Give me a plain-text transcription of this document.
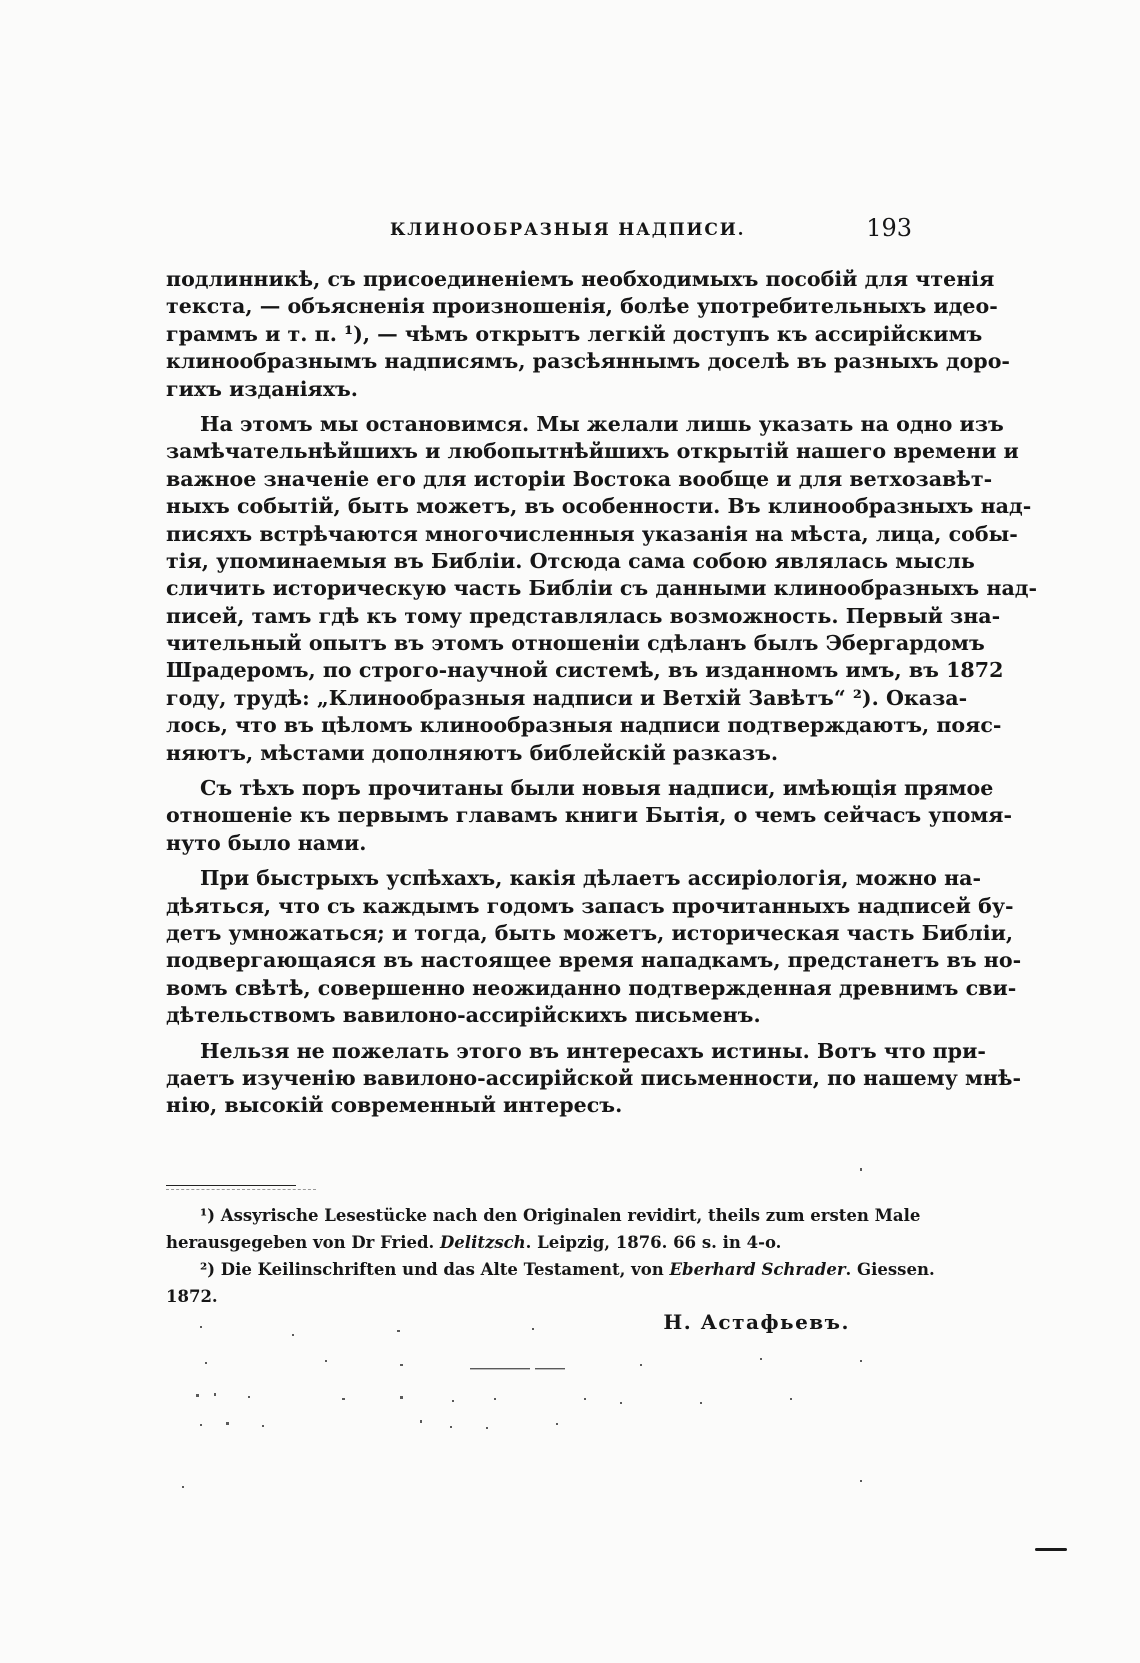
КЛИНООБРАЗНЫЯ НАДПИСИ.	193
подлинникѣ, съ присоединеніемъ необходимыхъ пособій для чтенія
текста, — объясненія произношенія, болѣе употребительныхъ идео-
граммъ и т. п. ¹), — чѣмъ открытъ легкій доступъ къ ассирійскимъ
клинообразнымъ надписямъ, разсѣяннымъ доселѣ въ разныхъ доро-
гихъ изданіяхъ.
На этомъ мы остановимся. Мы желали лишь указать на одно изъ
замѣчательнѣйшихъ и любопытнѣйшихъ открытій нашего времени и
важное значеніе его для исторіи Востока вообще и для ветхозавѣт-
ныхъ событій, быть можетъ, въ особенности. Въ клинообразныхъ над-
писяхъ встрѣчаются многочисленныя указанія на мѣста, лица, собы-
тія, упоминаемыя въ Библіи. Отсюда сама собою являлась мысль
сличить историческую часть Библіи съ данными клинообразныхъ над-
писей, тамъ гдѣ къ тому представлялась возможность. Первый зна-
чительный опытъ въ этомъ отношеніи сдѣланъ былъ Эбергардомъ
Шрадеромъ, по строго-научной системѣ, въ изданномъ имъ, въ 1872
году, трудѣ: „Клинообразныя надписи и Ветхій Завѣтъ“ ²). Оказа-
лось, что въ цѣломъ клинообразныя надписи подтверждаютъ, пояс-
няютъ, мѣстами дополняютъ библейскій разказъ.
Съ тѣхъ поръ прочитаны были новыя надписи, имѣющія прямое
отношеніе къ первымъ главамъ книги Бытія, о чемъ сейчасъ упомя-
нуто было нами.
При быстрыхъ успѣхахъ, какія дѣлаетъ ассиріологія, можно на-
дѣяться, что съ каждымъ годомъ запасъ прочитанныхъ надписей бу-
детъ умножаться; и тогда, быть можетъ, историческая часть Библіи,
подвергающаяся въ настоящее время нападкамъ, предстанетъ въ но-
вомъ свѣтѣ, совершенно неожиданно подтвержденная древнимъ сви-
дѣтельствомъ вавилоно-ассирійскихъ письменъ.
Нельзя не пожелать этого въ интересахъ истины. Вотъ что при-
даетъ изученію вавилоно-ассирійской письменности, по нашему мнѣ-
нію, высокій современный интересъ.
¹) Assyrische Lesestücke nach den Originalen revidirt, theils zum ersten Male
herausgegeben von Dr Fried. Delitzsch. Leipzig, 1876. 66 s. in 4-o.
²) Die Keilinschriften und das Alte Testament, von Eberhard Schrader. Giessen.
1872.
Н. Астафьевъ.
